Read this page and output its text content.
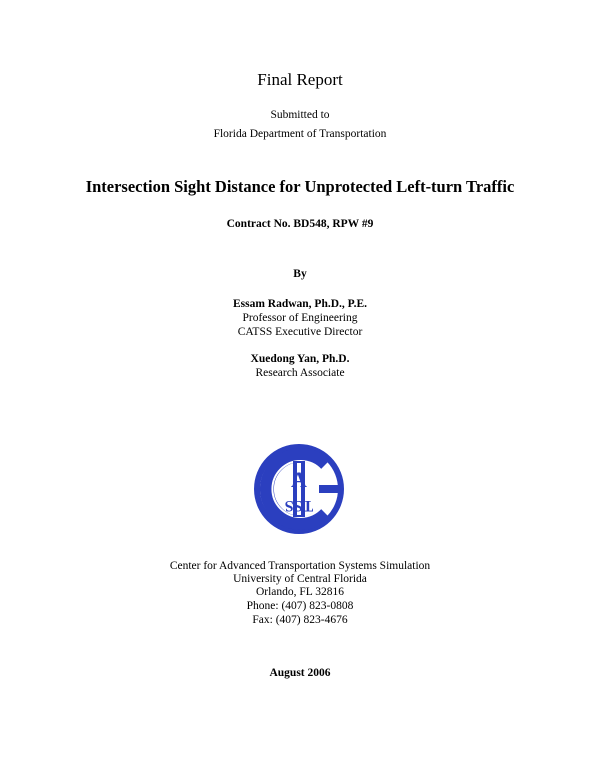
Final Report
Submitted to
Florida Department of Transportation
Intersection Sight Distance for Unprotected Left-turn Traffic
Contract No. BD548, RPW #9
By
Essam Radwan, Ph.D., P.E.
Professor of Engineering
CATSS Executive Director
Xuedong Yan, Ph.D.
Research Associate
A
TSS
Center for Advanced Transportation Systems Simulation
University of Central Florida
Orlando, FL 32816
Phone: (407) 823-0808
Fax: (407) 823-4676
August 2006
